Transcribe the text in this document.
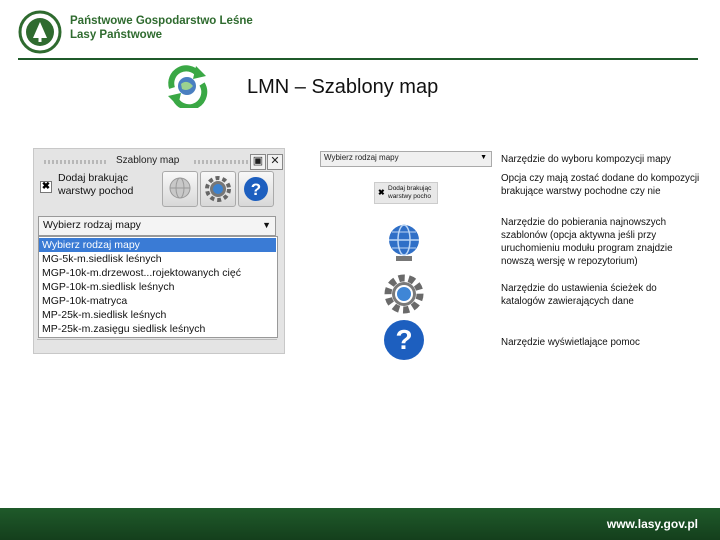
Państwowe Gospodarstwo Leśne
Lasy Państwowe
LMN – Szablony map
Szablony map	▣ ✕
✖
Dodaj brakując
warstwy pochod	?
Wybierz rodzaj mapy	▼
Wybierz rodzaj mapy
MG-5k-m.siedlisk leśnych
MGP-10k-m.drzewost...rojektowanych cięć
MGP-10k-m.siedlisk leśnych
MGP-10k-matryca
MP-25k-m.siedlisk leśnych
MP-25k-m.zasięgu siedlisk leśnych
Wybierz rodzaj mapy	▼ Narzędzie do wyboru kompozycji mapy
✖ Dodaj brakując
warstwy pocho
Opcja czy mają zostać dodane do kompozycji brakujące warstwy pochodne czy nie
Narzędzie do pobierania najnowszych szablonów (opcja aktywna jeśli przy uruchomieniu modułu program znajdzie nowszą wersję w repozytorium)
Narzędzie do ustawienia ścieżek do katalogów zawierających dane
?	Narzędzie wyświetlające pomoc
www.lasy.gov.pl
